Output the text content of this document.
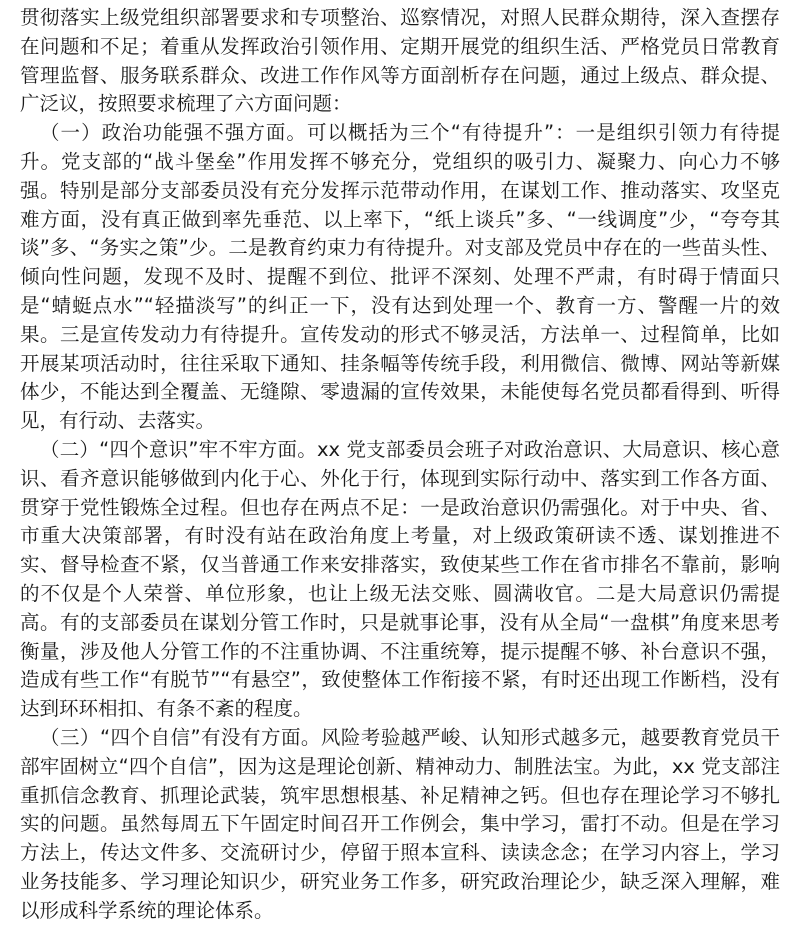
贯彻落实上级党组织部署要求和专项整治、巡察情况，对照人民群众期待，深入查摆存在问题和不足；着重从发挥政治引领作用、定期开展党的组织生活、严格党员日常教育管理监督、服务联系群众、改进工作作风等方面剖析存在问题，通过上级点、群众提、广泛议，按照要求梳理了六方面问题：

（一）政治功能强不强方面。可以概括为三个“有待提升”：一是组织引领力有待提升。党支部的“战斗堡垒”作用发挥不够充分，党组织的吸引力、凝聚力、向心力不够强。特别是部分支部委员没有充分发挥示范带动作用，在谋划工作、推动落实、攻坚克难方面，没有真正做到率先垂范、以上率下，“纸上谈兵”多、“一线调度”少，“夸夸其谈”多、“务实之策”少。二是教育约束力有待提升。对支部及党员中存在的一些苗头性、倾向性问题，发现不及时、提醒不到位、批评不深刻、处理不严肃，有时碍于情面只是“蜻蜓点水”“轻描淡写”的纠正一下，没有达到处理一个、教育一方、警醒一片的效果。三是宣传发动力有待提升。宣传发动的形式不够灵活，方法单一、过程简单，比如开展某项活动时，往往采取下通知、挂条幅等传统手段，利用微信、微博、网站等新媒体少，不能达到全覆盖、无缝隙、零遗漏的宣传效果，未能使每名党员都看得到、听得见，有行动、去落实。

（二）“四个意识”牢不牢方面。xx 党支部委员会班子对政治意识、大局意识、核心意识、看齐意识能够做到内化于心、外化于行，体现到实际行动中、落实到工作各方面、贯穿于党性锻炼全过程。但也存在两点不足：一是政治意识仍需强化。对于中央、省、市重大决策部署，有时没有站在政治角度上考量，对上级政策研读不透、谋划推进不实、督导检查不紧，仅当普通工作来安排落实，致使某些工作在省市排名不靠前，影响的不仅是个人荣誉、单位形象，也让上级无法交账、圆满收官。二是大局意识仍需提高。有的支部委员在谋划分管工作时，只是就事论事，没有从全局“一盘棋”角度来思考衡量，涉及他人分管工作的不注重协调、不注重统筹，提示提醒不够、补台意识不强，造成有些工作“有脱节”“有悬空”，致使整体工作衔接不紧，有时还出现工作断档，没有达到环环相扣、有条不紊的程度。

（三）“四个自信”有没有方面。风险考验越严峻、认知形式越多元，越要教育党员干部牢固树立“四个自信”，因为这是理论创新、精神动力、制胜法宝。为此，xx 党支部注重抓信念教育、抓理论武装，筑牢思想根基、补足精神之钙。但也存在理论学习不够扎实的问题。虽然每周五下午固定时间召开工作例会，集中学习，雷打不动。但是在学习方法上，传达文件多、交流研讨少，停留于照本宣科、读读念念；在学习内容上，学习业务技能多、学习理论知识少，研究业务工作多，研究政治理论少，缺乏深入理解，难以形成科学系统的理论体系。
